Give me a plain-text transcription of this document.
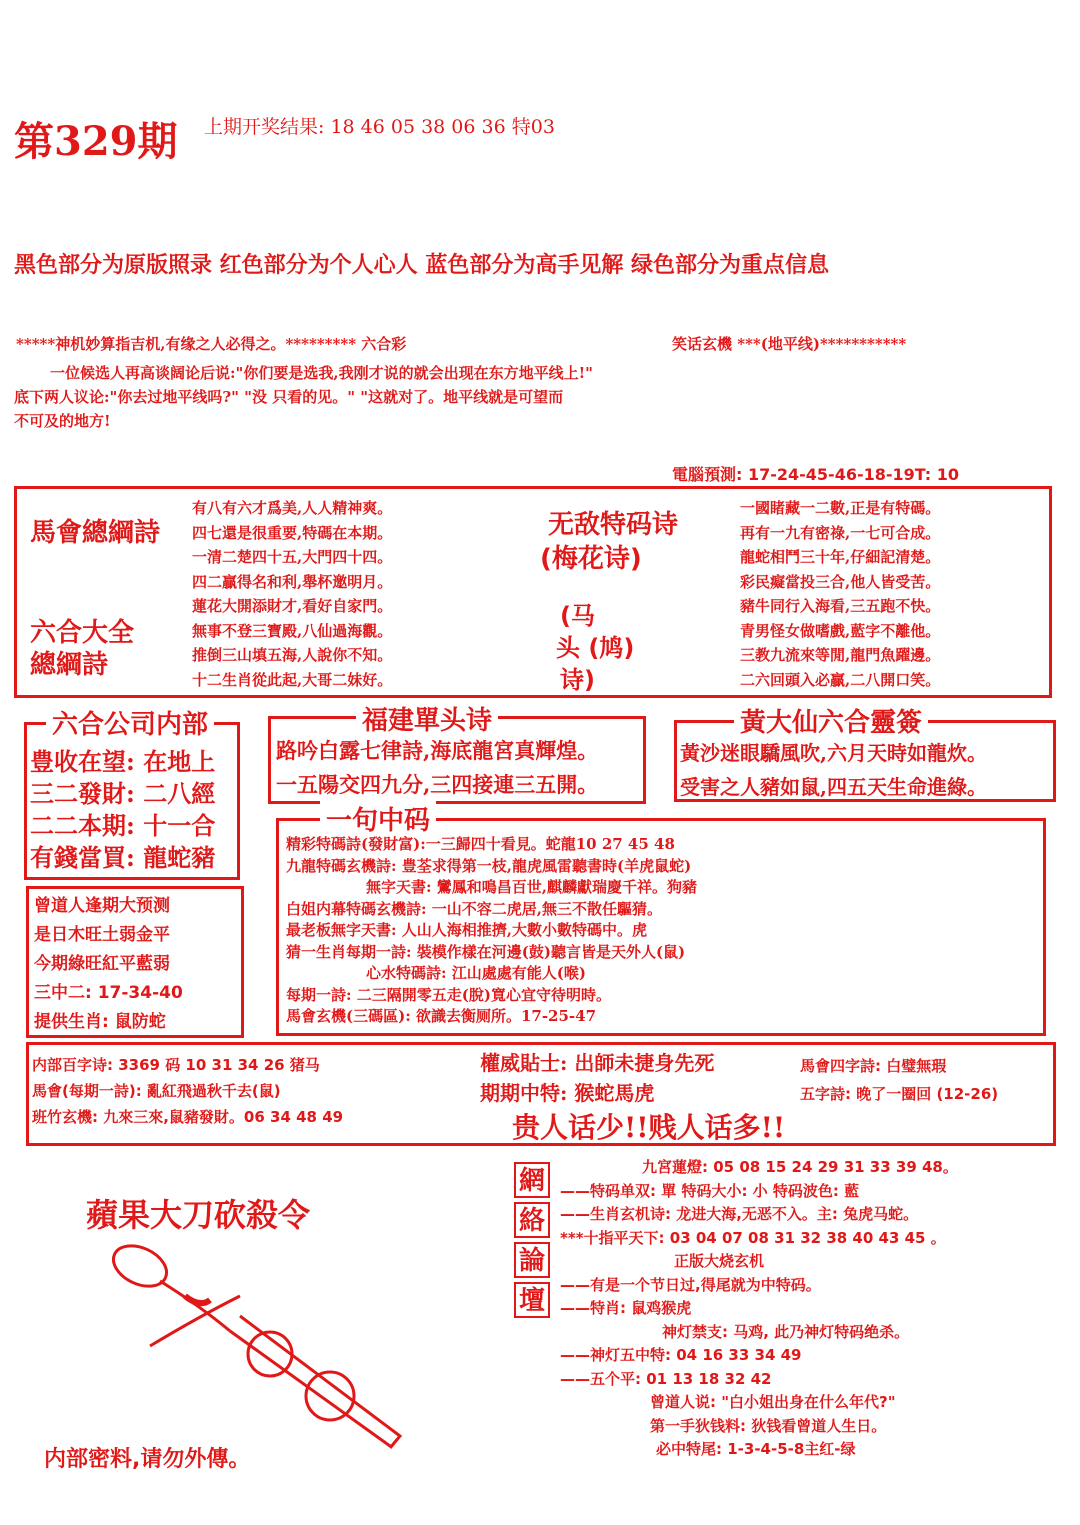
第329期 上期开奖结果: 18 46 05 38 06 36 特03
黑色部分为原版照录 红色部分为个人心人 蓝色部分为高手见解 绿色部分为重点信息
*****神机妙算指吉机,有缘之人必得之。********* 六合彩	笑话玄機 ***(地平线)***********
一位候选人再高谈阔论后说:"你们要是选我,我刚才说的就会出现在东方地平线上!"
底下两人议论:"你去过地平线吗?" "没 只看的见。" "这就对了。地平线就是可望而
不可及的地方!
電腦預測: 17-24-45-46-18-19T: 10
馬會總綱詩
六合大全
總綱詩
有八有六才爲美,人人精神爽。
四七還是很重要,特碼在本期。
一清二楚四十五,大門四十四。
四二贏得名和利,舉杯邀明月。
蓮花大開添財才,看好自家門。
無事不登三寶殿,八仙過海觀。
推倒三山填五海,人說你不知。
十二生肖從此起,大哥二妹好。
无敌特码诗
(梅花诗)
(马
头 (鸠)
诗)
一國睹藏一二數,正是有特碼。
再有一九有密祿,一七可合成。
龍蛇相鬥三十年,仔細記清楚。
彩民癡當投三合,他人皆受苦。
豬牛同行入海看,三五跑不快。
青男怪女做嗜戲,藍字不離他。
三教九流來等閒,龍門魚躍邊。
二六回頭入必贏,二八開口笑。
六合公司内部
豊收在望: 在地上
三二發財: 二八經
二二本期: 十一合
有錢當買: 龍蛇豬
福建單头诗
路吟白露七律詩,海底龍宮真輝煌。
一五陽交四九分,三四接連三五開。
黃大仙六合靈簽
黃沙迷眼驕風吹,六月天時如龍炊。
受害之人豬如鼠,四五天生命進綠。
曾道人逢期大预测
是日木旺土弱金平
今期綠旺紅平藍弱
三中二: 17-34-40
提供生肖: 鼠防蛇
一句中码
精彩特碼詩(發財富):一三歸四十看見。蛇龍10 27 45 48
九龍特碼玄機詩: 豊荃求得第一枝,龍虎風雷聽書時(羊虎鼠蛇)
無字天書: 鸞鳳和鳴昌百世,麒麟獻瑞慶千祥。狗豬
白姐内幕特碼玄機詩: 一山不容二虎居,無三不散任驅猜。
最老板無字天書: 人山人海相推擠,大數小數特碼中。虎
猜一生肖每期一詩: 裝模作樣在河邊(鼓)聽言皆是天外人(鼠)
心水特碼詩: 江山處處有能人(喉)
每期一詩: 二三隔開零五走(脫)寬心宜守待明時。
馬會玄機(三碼區): 欲識去衡厕所。17-25-47
内部百字诗: 3369 码 10 31 34 26 猪马
馬會(每期一詩): 亂紅飛過秋千去(鼠)
班竹玄機: 九來三來,鼠豬發財。06 34 48 49
權威貼士: 出師未捷身先死
期期中特: 猴蛇馬虎
馬會四字詩: 白璧無瑕
五字詩: 晚了一圈回 (12-26)
贵人话少!!贱人话多!!
蘋果大刀砍殺令
内部密料,请勿外傳。
網
絡
論
壇
九宮蓮燈: 05 08 15 24 29 31 33 39 48。
——特码单双: 單 特码大小: 小 特码波色: 藍
——生肖玄机诗: 龙进大海,无恶不入。主: 兔虎马蛇。
***十指平天下: 03 04 07 08 31 32 38 40 43 45 。
正版大烧玄机
——有是一个节日过,得尾就为中特码。
——特肖: 鼠鸡猴虎
神灯禁支: 马鸡, 此乃神灯特码绝杀。
——神灯五中特: 04 16 33 34 49
——五个平: 01 13 18 32 42
曾道人说: "白小姐出身在什么年代?"
第一手狄钱料: 狄钱看曾道人生日。
必中特尾: 1-3-4-5-8主红-绿
